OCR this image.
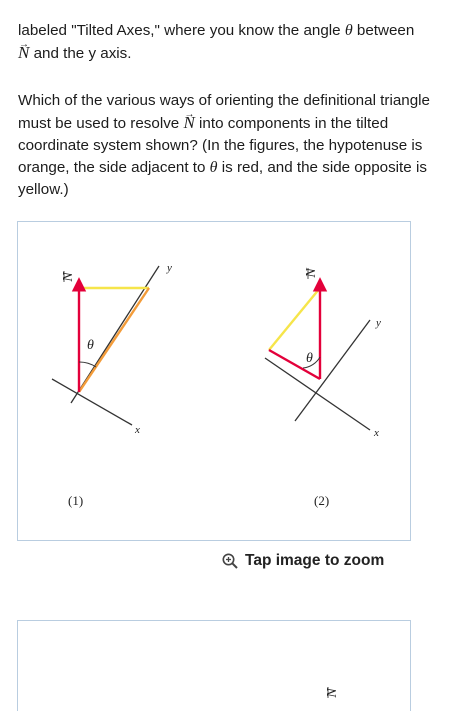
labeled "Tilted Axes," where you know the angle θ between
→ N and the y axis.

Which of the various ways of orienting the definitional triangle must be used to resolve → N into components in the tilted coordinate system shown? (In the figures, the hypotenuse is orange, the side adjacent to θ is red, and the side opposite is yellow.)

N
y
x
θ
(1)
N
y
x
θ
(2)
Tap image to zoom
N
